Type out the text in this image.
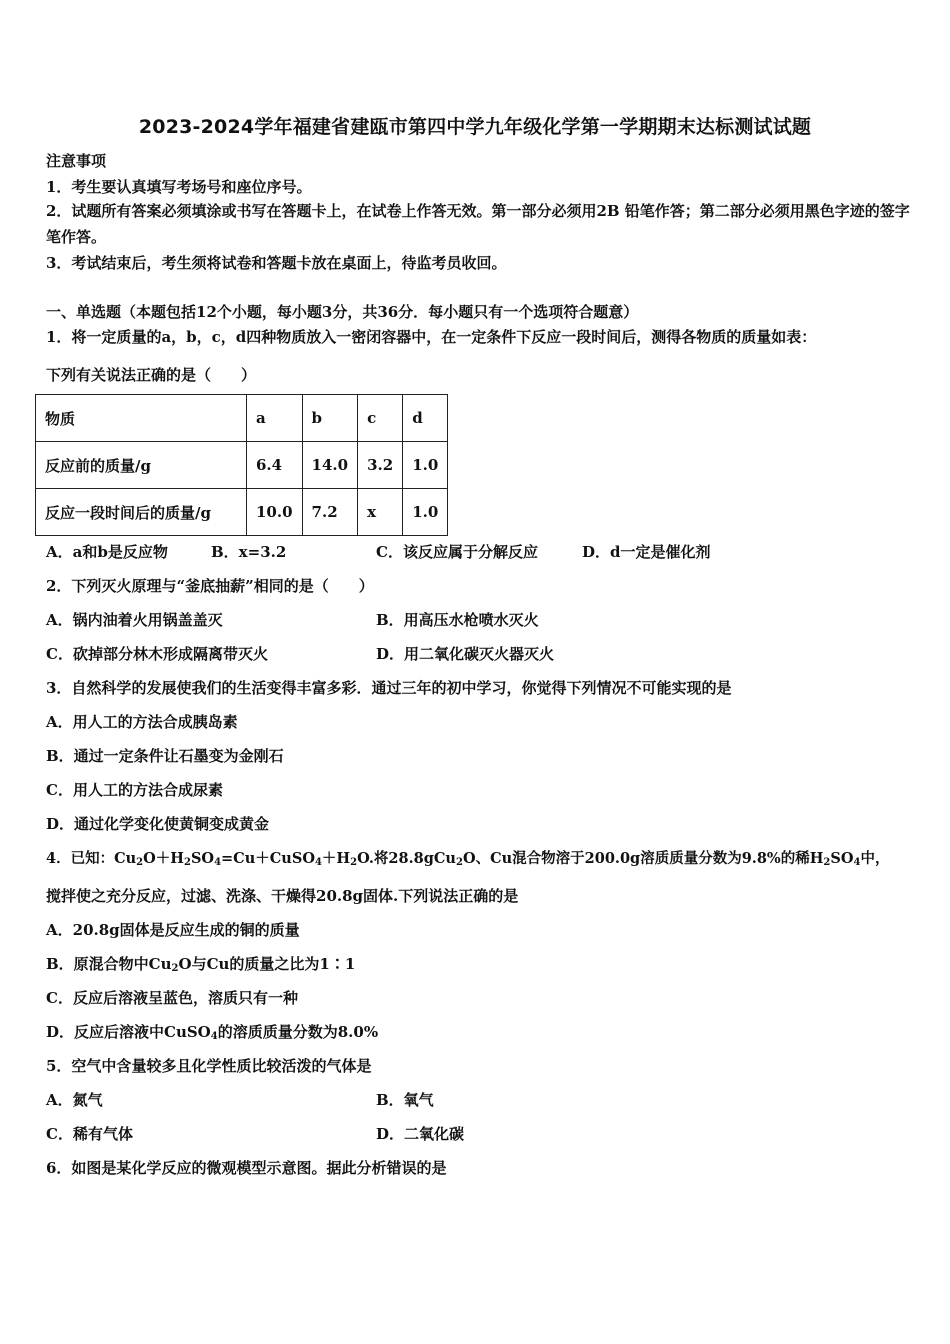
2023-2024学年福建省建瓯市第四中学九年级化学第一学期期末达标测试试题
注意事项
1．考生要认真填写考场号和座位序号。
2．试题所有答案必须填涂或书写在答题卡上，在试卷上作答无效。第一部分必须用2B 铅笔作答；第二部分必须用黑色字迹的签字笔作答。
3．考试结束后，考生须将试卷和答题卡放在桌面上，待监考员收回。
一、单选题（本题包括12个小题，每小题3分，共36分．每小题只有一个选项符合题意）
1．将一定质量的a，b，c，d四种物质放入一密闭容器中，在一定条件下反应一段时间后，测得各物质的质量如表：
下列有关说法正确的是（　　）
物质	a	b	c	d
反应前的质量/g	6.4	14.0	3.2	1.0
反应一段时间后的质量/g	10.0	7.2	x	1.0
A．a和b是反应物	B．x=3.2	C．该反应属于分解反应	D．d一定是催化剂
2．下列灭火原理与“釜底抽薪”相同的是（　　）
A．锅内油着火用锅盖盖灭	B．用高压水枪喷水灭火
C．砍掉部分林木形成隔离带灭火	D．用二氧化碳灭火器灭火
3．自然科学的发展使我们的生活变得丰富多彩．通过三年的初中学习，你觉得下列情况不可能实现的是
A．用人工的方法合成胰岛素
B．通过一定条件让石墨变为金刚石
C．用人工的方法合成尿素
D．通过化学变化使黄铜变成黄金
4．已知：$Cu_2O+H_2SO_4=Cu+CuSO_4+H_2O$.将28.8gCu$_2$O、Cu混合物溶于200.0g溶质质量分数为9.8%的稀$H_2SO_4$中，
搅拌使之充分反应，过滤、洗涤、干燥得20.8g固体.下列说法正确的是
A．20.8g固体是反应生成的铜的质量
B．原混合物中$Cu_2O$与Cu的质量之比为1∶1
C．反应后溶液呈蓝色，溶质只有一种
D．反应后溶液中CuSO$_4$的溶质质量分数为8.0%
5．空气中含量较多且化学性质比较活泼的气体是
A．氮气	B．氧气
C．稀有气体	D．二氧化碳
6．如图是某化学反应的微观模型示意图。据此分析错误的是
